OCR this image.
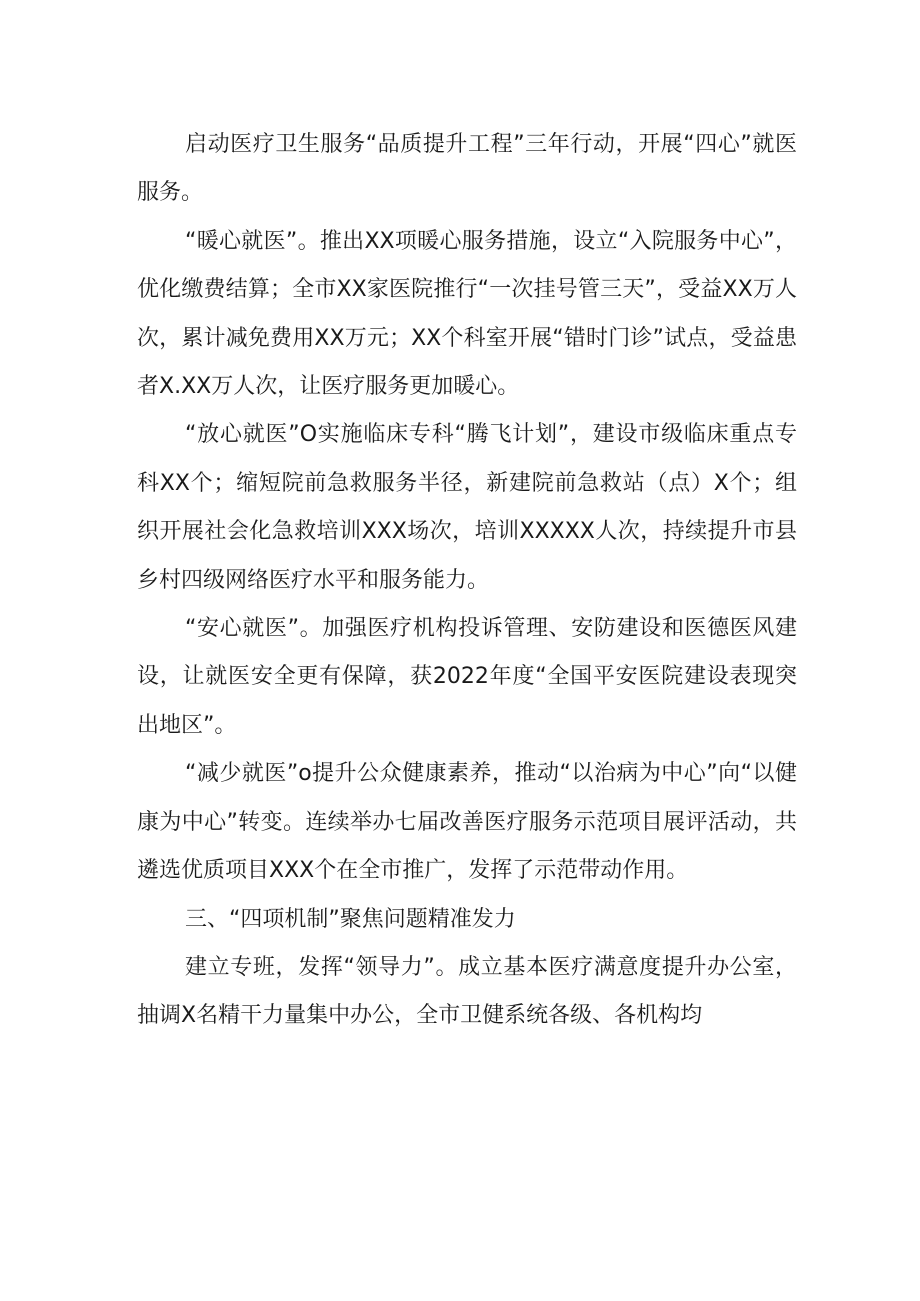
启动医疗卫生服务“品质提升工程”三年行动，开展“四心”就医服务。

“暖心就医”。推出XX项暖心服务措施，设立“入院服务中心”，优化缴费结算；全市XX家医院推行“一次挂号管三天”，受益XX万人次，累计减免费用XX万元；XX个科室开展“错时门诊”试点，受益患者X.XX万人次，让医疗服务更加暖心。

“放心就医”O实施临床专科“腾飞计划”，建设市级临床重点专科XX个；缩短院前急救服务半径，新建院前急救站（点）X个；组织开展社会化急救培训XXX场次，培训XXXXX人次，持续提升市县乡村四级网络医疗水平和服务能力。

“安心就医”。加强医疗机构投诉管理、安防建设和医德医风建设，让就医安全更有保障，获2022年度“全国平安医院建设表现突出地区”。

“减少就医”o提升公众健康素养，推动“以治病为中心”向“以健康为中心”转变。连续举办七届改善医疗服务示范项目展评活动，共遴选优质项目XXX个在全市推广，发挥了示范带动作用。

三、“四项机制”聚焦问题精准发力

建立专班，发挥“领导力”。成立基本医疗满意度提升办公室，抽调X名精干力量集中办公，全市卫健系统各级、各机构均
